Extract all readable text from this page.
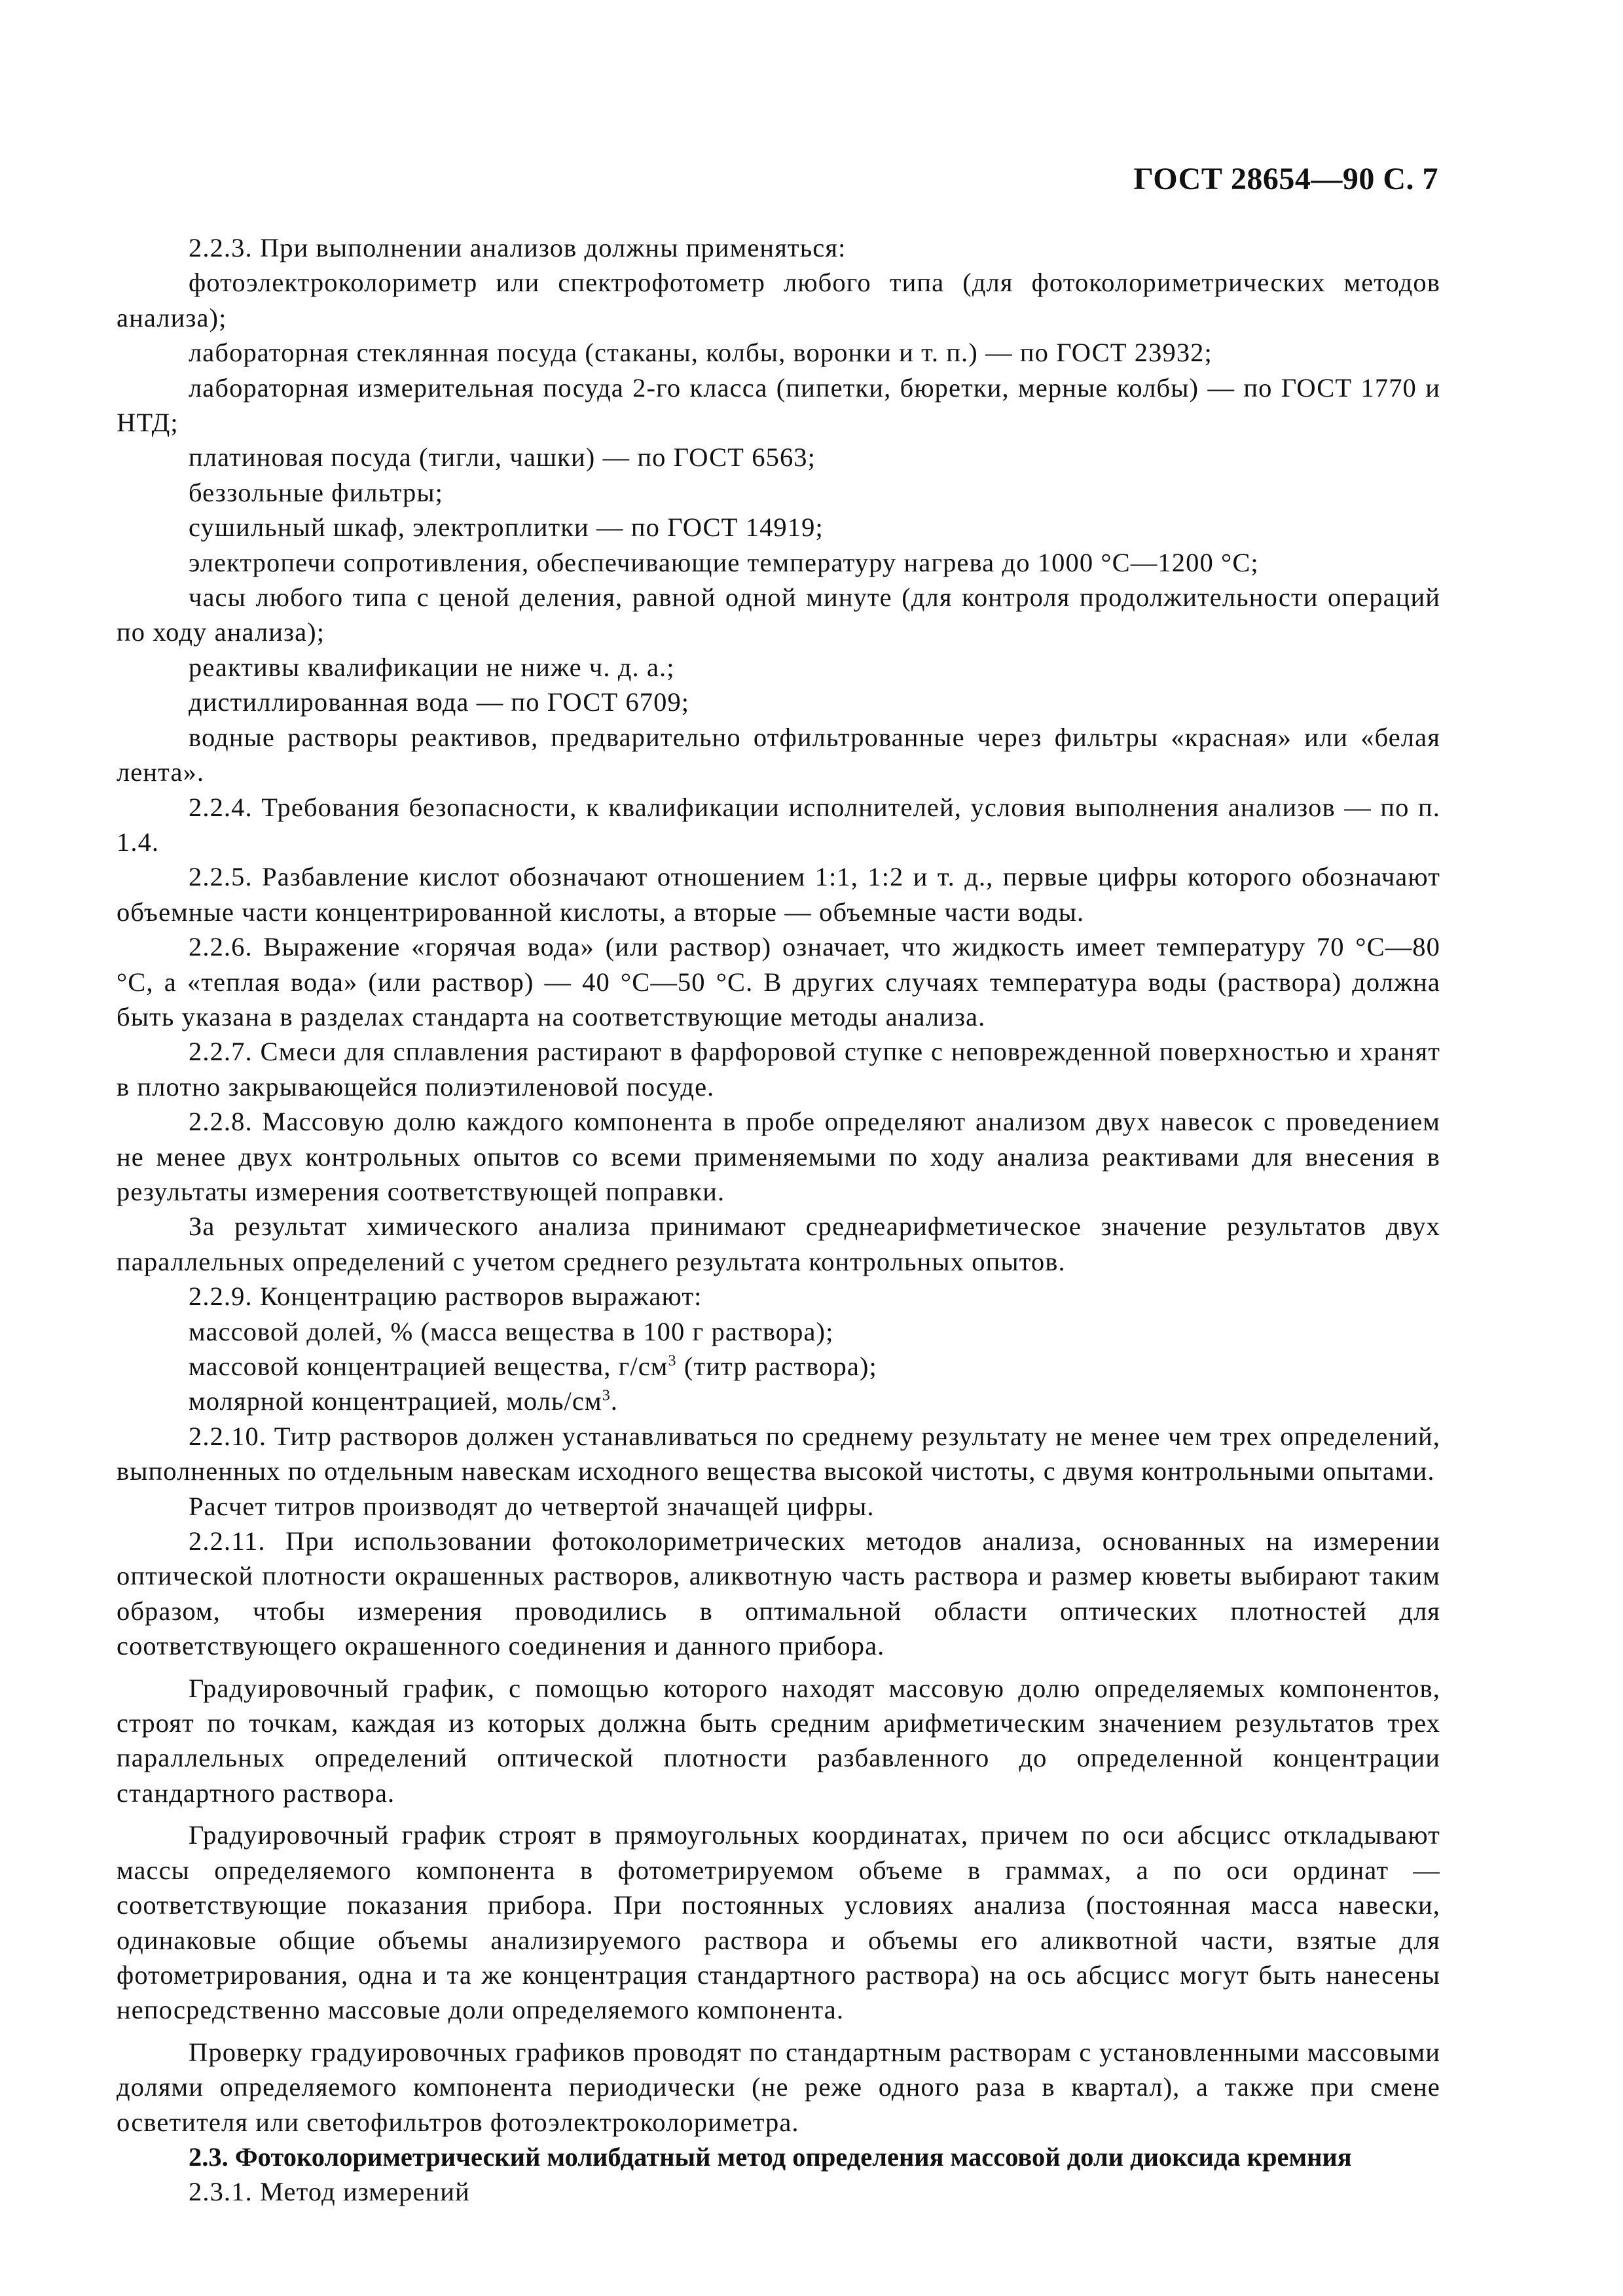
ГОСТ 28654—90 С. 7

2.2.3. При выполнении анализов должны применяться:

фотоэлектроколориметр или спектрофотометр любого типа (для фотоколориметрических методов анализа);

лабораторная стеклянная посуда (стаканы, колбы, воронки и т. п.) — по ГОСТ 23932;

лабораторная измерительная посуда 2-го класса (пипетки, бюретки, мерные колбы) — по ГОСТ 1770 и НТД;

платиновая посуда (тигли, чашки) — по ГОСТ 6563;

беззольные фильтры;

сушильный шкаф, электроплитки — по ГОСТ 14919;

электропечи сопротивления, обеспечивающие температуру нагрева до 1000 °С—1200 °С;

часы любого типа с ценой деления, равной одной минуте (для контроля продолжительности операций по ходу анализа);

реактивы квалификации не ниже ч. д. а.;

дистиллированная вода — по ГОСТ 6709;

водные растворы реактивов, предварительно отфильтрованные через фильтры «красная» или «белая лента».

2.2.4. Требования безопасности, к квалификации исполнителей, условия выполнения анализов — по п. 1.4.

2.2.5. Разбавление кислот обозначают отношением 1:1, 1:2 и т. д., первые цифры которого обозначают объемные части концентрированной кислоты, а вторые — объемные части воды.

2.2.6. Выражение «горячая вода» (или раствор) означает, что жидкость имеет температуру 70 °С—80 °С, а «теплая вода» (или раствор) — 40 °С—50 °С. В других случаях температура воды (раствора) должна быть указана в разделах стандарта на соответствующие методы анализа.

2.2.7. Смеси для сплавления растирают в фарфоровой ступке с неповрежденной поверхностью и хранят в плотно закрывающейся полиэтиленовой посуде.

2.2.8. Массовую долю каждого компонента в пробе определяют анализом двух навесок с проведением не менее двух контрольных опытов со всеми применяемыми по ходу анализа реактивами для внесения в результаты измерения соответствующей поправки.

За результат химического анализа принимают среднеарифметическое значение результатов двух параллельных определений с учетом среднего результата контрольных опытов.

2.2.9. Концентрацию растворов выражают:

массовой долей, % (масса вещества в 100 г раствора);

массовой концентрацией вещества, $г/см^3$ (титр раствора);

молярной концентрацией, моль/$см^3$.

2.2.10. Титр растворов должен устанавливаться по среднему результату не менее чем трех определений, выполненных по отдельным навескам исходного вещества высокой чистоты, с двумя контрольными опытами.

Расчет титров производят до четвертой значащей цифры.

2.2.11. При использовании фотоколориметрических методов анализа, основанных на измерении оптической плотности окрашенных растворов, аликвотную часть раствора и размер кюветы выбирают таким образом, чтобы измерения проводились в оптимальной области оптических плотностей для соответствующего окрашенного соединения и данного прибора.

Градуировочный график, с помощью которого находят массовую долю определяемых компонентов, строят по точкам, каждая из которых должна быть средним арифметическим значением результатов трех параллельных определений оптической плотности разбавленного до определенной концентрации стандартного раствора.

Градуировочный график строят в прямоугольных координатах, причем по оси абсцисс откладывают массы определяемого компонента в фотометрируемом объеме в граммах, а по оси ординат — соответствующие показания прибора. При постоянных условиях анализа (постоянная масса навески, одинаковые общие объемы анализируемого раствора и объемы его аликвотной части, взятые для фотометрирования, одна и та же концентрация стандартного раствора) на ось абсцисс могут быть нанесены непосредственно массовые доли определяемого компонента.

Проверку градуировочных графиков проводят по стандартным растворам с установленными массовыми долями определяемого компонента периодически (не реже одного раза в квартал), а также при смене осветителя или светофильтров фотоэлектроколориметра.

2.3. Фотоколориметрический молибдатный метод определения массовой доли диоксида кремния

2.3.1. Метод измерений
